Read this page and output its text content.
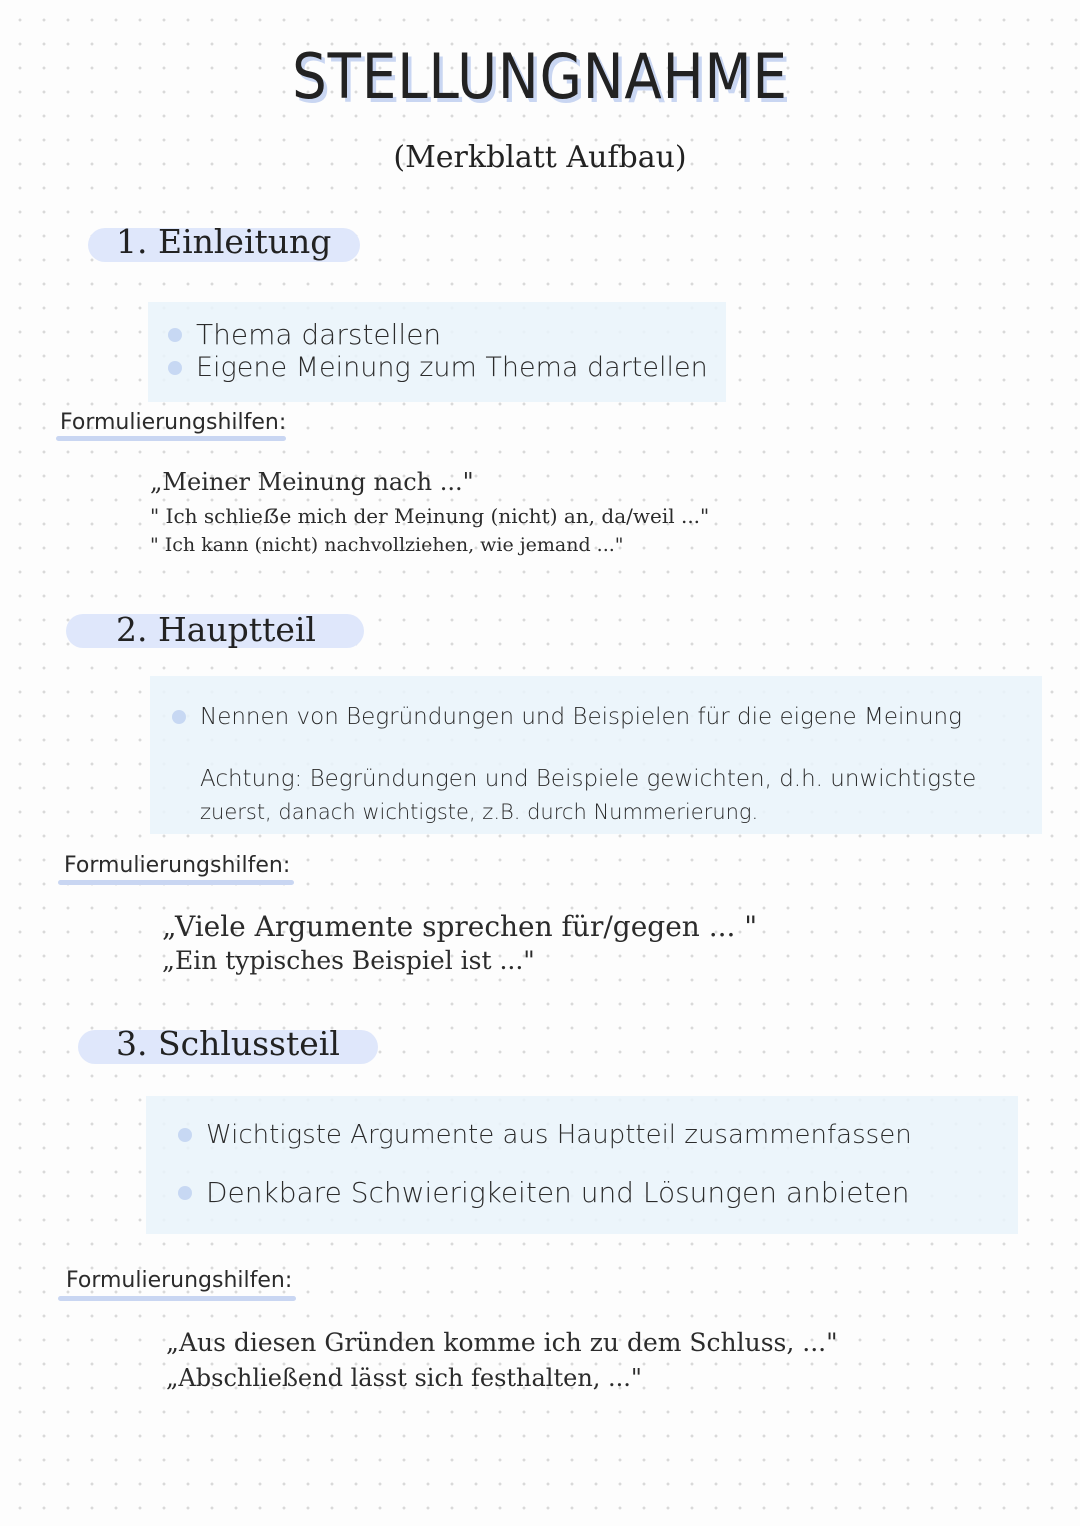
STELLUNGNAHME
(Merkblatt Aufbau)
1. Einleitung
Thema darstellen
Eigene Meinung zum Thema dartellen
Formulierungshilfen:
„Meiner Meinung nach ..."
" Ich schlieẞe mich der Meinung (nicht) an, da/weil ..."
" Ich kann (nicht) nachvollziehen, wie jemand ..."
2. Hauptteil
Nennen von Begründungen und Beispielen für die eigene Meinung
Achtung: Begründungen und Beispiele gewichten, d.h. unwichtigste
zuerst, danach wichtigste, z.B. durch Nummerierung.
Formulierungshilfen:
„Viele Argumente sprechen für/gegen ... "
„Ein typisches Beispiel ist ..."
3. Schlussteil
Wichtigste Argumente aus Hauptteil zusammenfassen
Denkbare Schwierigkeiten und Lösungen anbieten
Formulierungshilfen:
„Aus diesen Gründen komme ich zu dem Schluss, ..."
„Abschließend lässt sich festhalten, ..."
